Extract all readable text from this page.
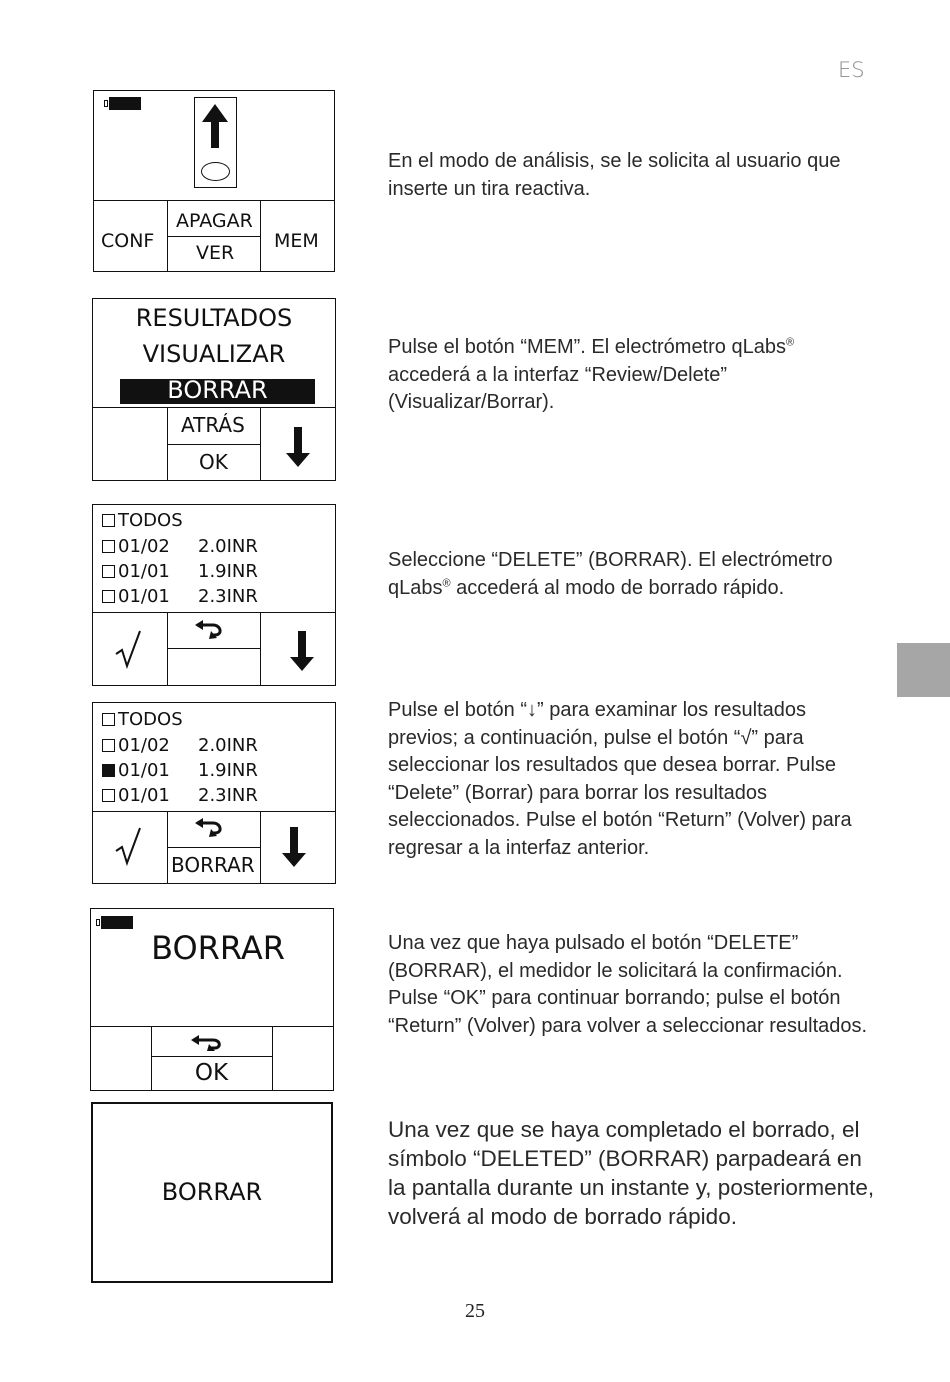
ES
CONF
APAGAR
VER
MEM
En el modo de análisis, se le solicita al usuario que inserte un tira reactiva.
RESULTADOS
VISUALIZAR
BORRAR
ATRÁS
OK
Pulse el botón “MEM”. El electrómetro qLabs® accederá a la interfaz “Review/Delete” (Visualizar/Borrar).
TODOS
01/02 2.0INR
01/01 1.9INR
01/01 2.3INR
Seleccione “DELETE” (BORRAR). El electrómetro qLabs® accederá al modo de borrado rápido.
TODOS
01/02 2.0INR
01/01 1.9INR
01/01 2.3INR
BORRAR
Pulse el botón “↓” para examinar los resultados previos; a continuación, pulse el botón “√” para seleccionar los resultados que desea borrar. Pulse “Delete” (Borrar) para borrar los resultados seleccionados. Pulse el botón “Return” (Volver) para regresar a la interfaz anterior.
BORRAR
OK
Una vez que haya pulsado el botón “DELETE” (BORRAR), el medidor le solicitará la confirmación. Pulse “OK” para continuar borrando; pulse el botón “Return” (Volver) para volver a seleccionar resultados.
BORRAR
Una vez que se haya completado el borrado, el símbolo “DELETED” (BORRAR) parpadeará en la pantalla durante un instante y, posteriormente, volverá al modo de borrado rápido.
25
